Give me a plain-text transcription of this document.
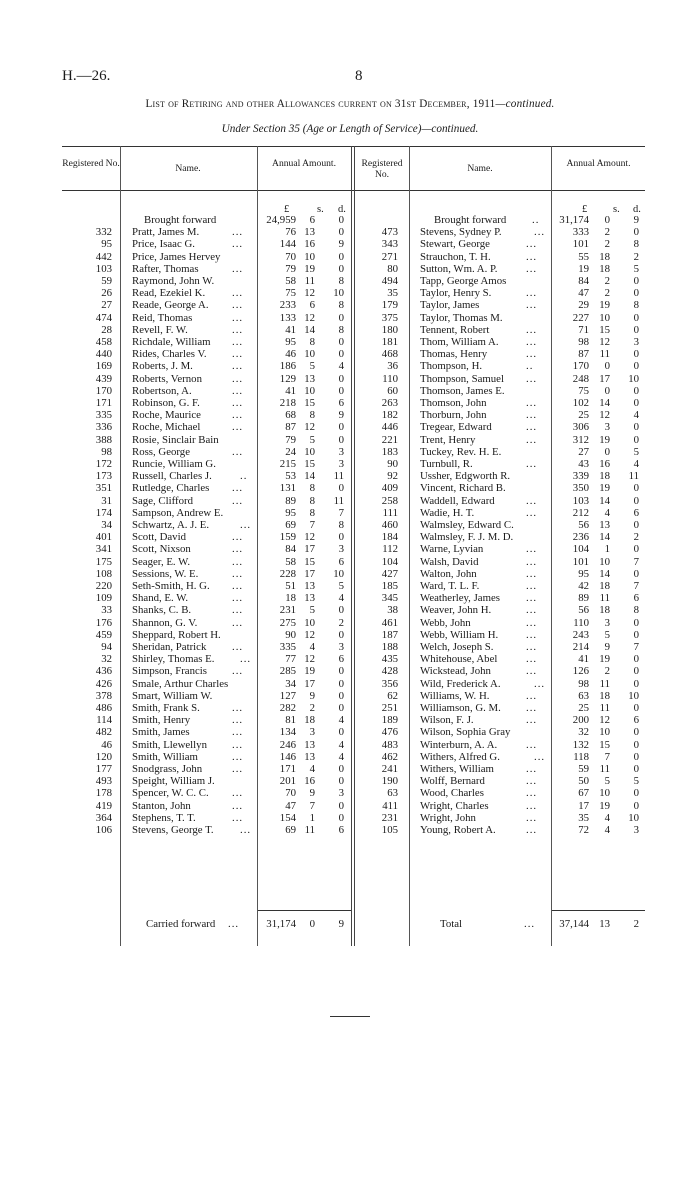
H.—26.	8
List of Retiring and other Allowances current on 31st December, 1911—continued.
Under Section 35 (Age or Length of Service)—continued.
Registered No.	Name.	Annual Amount.	Registered No.
Name.	Annual Amount.
£	s. d.	£ s. d.
Brought forward	24,959	6	0
332 Pratt, James M.	...	76 13	0
95 Price, Isaac G.	...	144 16	9
442 Price, James Hervey	70 10	0
103 Rafter, Thomas	...	79 19	0
59 Raymond, John W.	58 11	8
26 Read, Ezekiel K.	...	75 12	10
27 Reade, George A.	...	233	6	8
474 Reid, Thomas	...	133 12	0
28 Revell, F. W.	...	41 14	8
458 Richdale, William	...	95	8	0
440 Rides, Charles V.	...	46 10	0
169 Roberts, J. M.	...	186	5	4
439 Roberts, Vernon	...	129 13	0
170 Robertson, A.	...	41 10	0
171 Robinson, G. F.	...	218 15	6
335 Roche, Maurice	...	68	8	9
336 Roche, Michael	...	87 12	0
388 Rosie, Sinclair Bain	79	5	0
98 Ross, George	...	24 10	3
172 Runcie, William G.	215 15	3
173 Russell, Charles J.	..	53 14	11
351 Rutledge, Charles	...	131	8	0
31 Sage, Clifford	...	89	8	11
174 Sampson, Andrew E.	95	8	7
34 Schwartz, A. J. E.	...	69	7	8
401 Scott, David	...	159 12	0
341 Scott, Nixson	...	84 17	3
175 Seager, E. W.	...	58 15	6
108 Sessions, W. E.	...	228 17	10
220 Seth-Smith, H. G.	...	51 13	5
109 Shand, E. W.	...	18 13	4
33 Shanks, C. B.	...	231	5	0
176 Shannon, G. V.	...	275 10	2
459 Sheppard, Robert H.	90 12	0
94 Sheridan, Patrick	...	335	4	3
32 Shirley, Thomas E.	...	77 12	6
436 Simpson, Francis	...	285 19	0
426 Smale, Arthur Charles	34 17	0
378 Smart, William W.	127	9	0
486 Smith, Frank S.	...	282	2	0
114 Smith, Henry	...	81 18	4
482 Smith, James	...	134	3	0
46 Smith, Llewellyn	...	246 13	4
120 Smith, William	...	146 13	4
177 Snodgrass, John	...	171	4	0
493 Speight, William J.	201 16	0
178 Spencer, W. C. C.	...	70	9	3
419 Stanton, John	...	47	7	0
364 Stephens, T. T.	...	154	1	0
106 Stevens, George T.	...	69 11	6
Brought forward	..	31,174	0	9
473 Stevens, Sydney P.	...	333	2	0
343 Stewart, George	...	101	2	8
271 Strauchon, T. H.	...	55 18	2
80 Sutton, Wm. A. P.	...	19 18	5
494 Tapp, George Amos	84	2	0
35 Taylor, Henry S.	...	47	2	0
179 Taylor, James	...	29 19	8
375 Taylor, Thomas M.	227 10	0
180 Tennent, Robert	...	71 15	0
181 Thom, William A.	...	98 12	3
468 Thomas, Henry	...	87 11	0
36 Thompson, H.	..	170	0	0
110 Thompson, Samuel	...	248 17	10
60 Thomson, James E.	75	0	0
263 Thomson, John	...	102 14	0
182 Thorburn, John	...	25 12	4
446 Tregear, Edward	...	306	3	0
221 Trent, Henry	...	312 19	0
183 Tuckey, Rev. H. E.	27	0	5
90 Turnbull, R.	...	43 16	4
92 Ussher, Edgworth R.	339 18	11
409 Vincent, Richard B.	350 19	0
258 Waddell, Edward	...	103 14	0
111 Wadie, H. T.	...	212	4	6
460 Walmsley, Edward C.	56 13	0
184 Walmsley, F. J. M. D.	236 14	2
112 Warne, Lyvian	...	104	1	0
104 Walsh, David	...	101 10	7
427 Walton, John	...	95 14	0
185 Ward, T. L. F.	...	42 18	7
345 Weatherley, James	...	89 11	6
38 Weaver, John H.	...	56 18	8
461 Webb, John	...	110	3	0
187 Webb, William H.	...	243	5	0
188 Welch, Joseph S.	...	214	9	7
435 Whitehouse, Abel	...	41 19	0
428 Wickstead, John	...	126	2	0
356 Wild, Frederick A.	...	98 11	0
62 Williams, W. H.	...	63 18	10
251 Williamson, G. M.	...	25 11	0
189 Wilson, F. J.	...	200 12	6
476 Wilson, Sophia Gray	32 10	0
483 Winterburn, A. A.	...	132 15	0
462 Withers, Alfred G.	...	118	7	0
241 Withers, William	...	59 11	0
190 Wolff, Bernard	...	50	5	5
63 Wood, Charles	...	67 10	0
411 Wright, Charles	...	17 19	0
231 Wright, John	...	35	4	10
105 Young, Robert A.	...	72	4	3
Carried forward	...	31,174	0	9	Total	...	37,144 13	2
